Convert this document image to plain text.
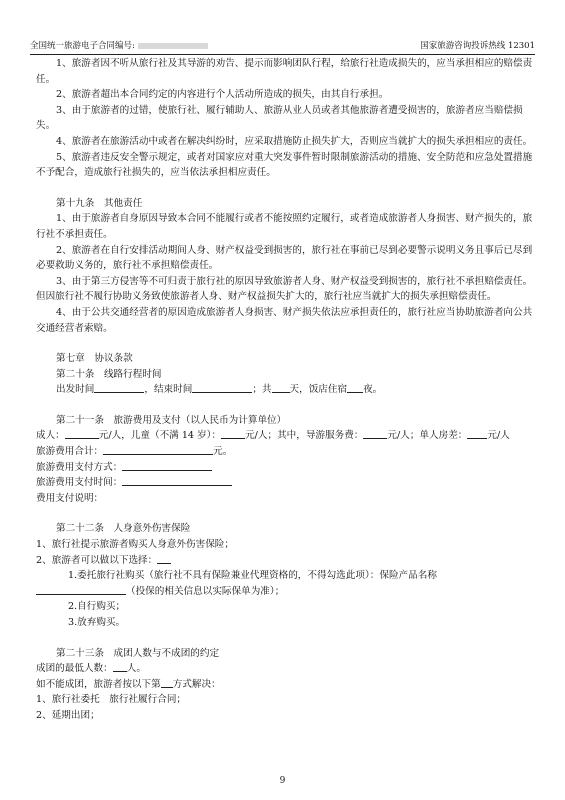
全国统一旅游电子合同编号:	国家旅游咨询投诉热线 12301

1、旅游者因不听从旅行社及其导游的劝告、提示而影响团队行程，给旅行社造成损失的，应当承担相应的赔偿责任。

2、旅游者超出本合同约定的内容进行个人活动所造成的损失，由其自行承担。

3、由于旅游者的过错，使旅行社、履行辅助人、旅游从业人员或者其他旅游者遭受损害的，旅游者应当赔偿损失。

4、旅游者在旅游活动中或者在解决纠纷时，应采取措施防止损失扩大，否则应当就扩大的损失承担相应的责任。

5、旅游者违反安全警示规定，或者对国家应对重大突发事件暂时限制旅游活动的措施、安全防范和应急处置措施不予配合，造成旅行社损失的，应当依法承担相应责任。

第十九条　其他责任

1、由于旅游者自身原因导致本合同不能履行或者不能按照约定履行，或者造成旅游者人身损害、财产损失的，旅行社不承担责任。

2、旅游者在自行安排活动期间人身、财产权益受到损害的，旅行社在事前已尽到必要警示说明义务且事后已尽到必要救助义务的，旅行社不承担赔偿责任。

3、由于第三方侵害等不可归责于旅行社的原因导致旅游者人身、财产权益受到损害的，旅行社不承担赔偿责任。但因旅行社不履行协助义务致使旅游者人身、财产权益损失扩大的，旅行社应当就扩大的损失承担赔偿责任。

4、由于公共交通经营者的原因造成旅游者人身损害、财产损失依法应承担责任的，旅行社应当协助旅游者向公共交通经营者索赔。

第七章　协议条款

第二十条　线路行程时间

出发时间	，结束时间	；共 天，饭店住宿 夜。

第二十一条　旅游费用及支付（以人民币为计算单位）

成人：	元/人，儿童（不满 14 岁）：	元/人；其中，导游服务费：	元/人；单人房差： 元/人

旅游费用合计：	元。

旅游费用支付方式：

旅游费用支付时间：

费用支付说明：

第二十二条　人身意外伤害保险

1、旅行社提示旅游者购买人身意外伤害保险；

2、旅游者可以做以下选择：

1.委托旅行社购买（旅行社不具有保险兼业代理资格的，不得勾选此项）：保险产品名称

（投保的相关信息以实际保单为准）；

2.自行购买；

3.放弃购买。

第二十三条　成团人数与不成团的约定

成团的最低人数： 人。

如不能成团，旅游者按以下第 方式解决：

1、旅行社委托　旅行社履行合同；

2、延期出团；

9
